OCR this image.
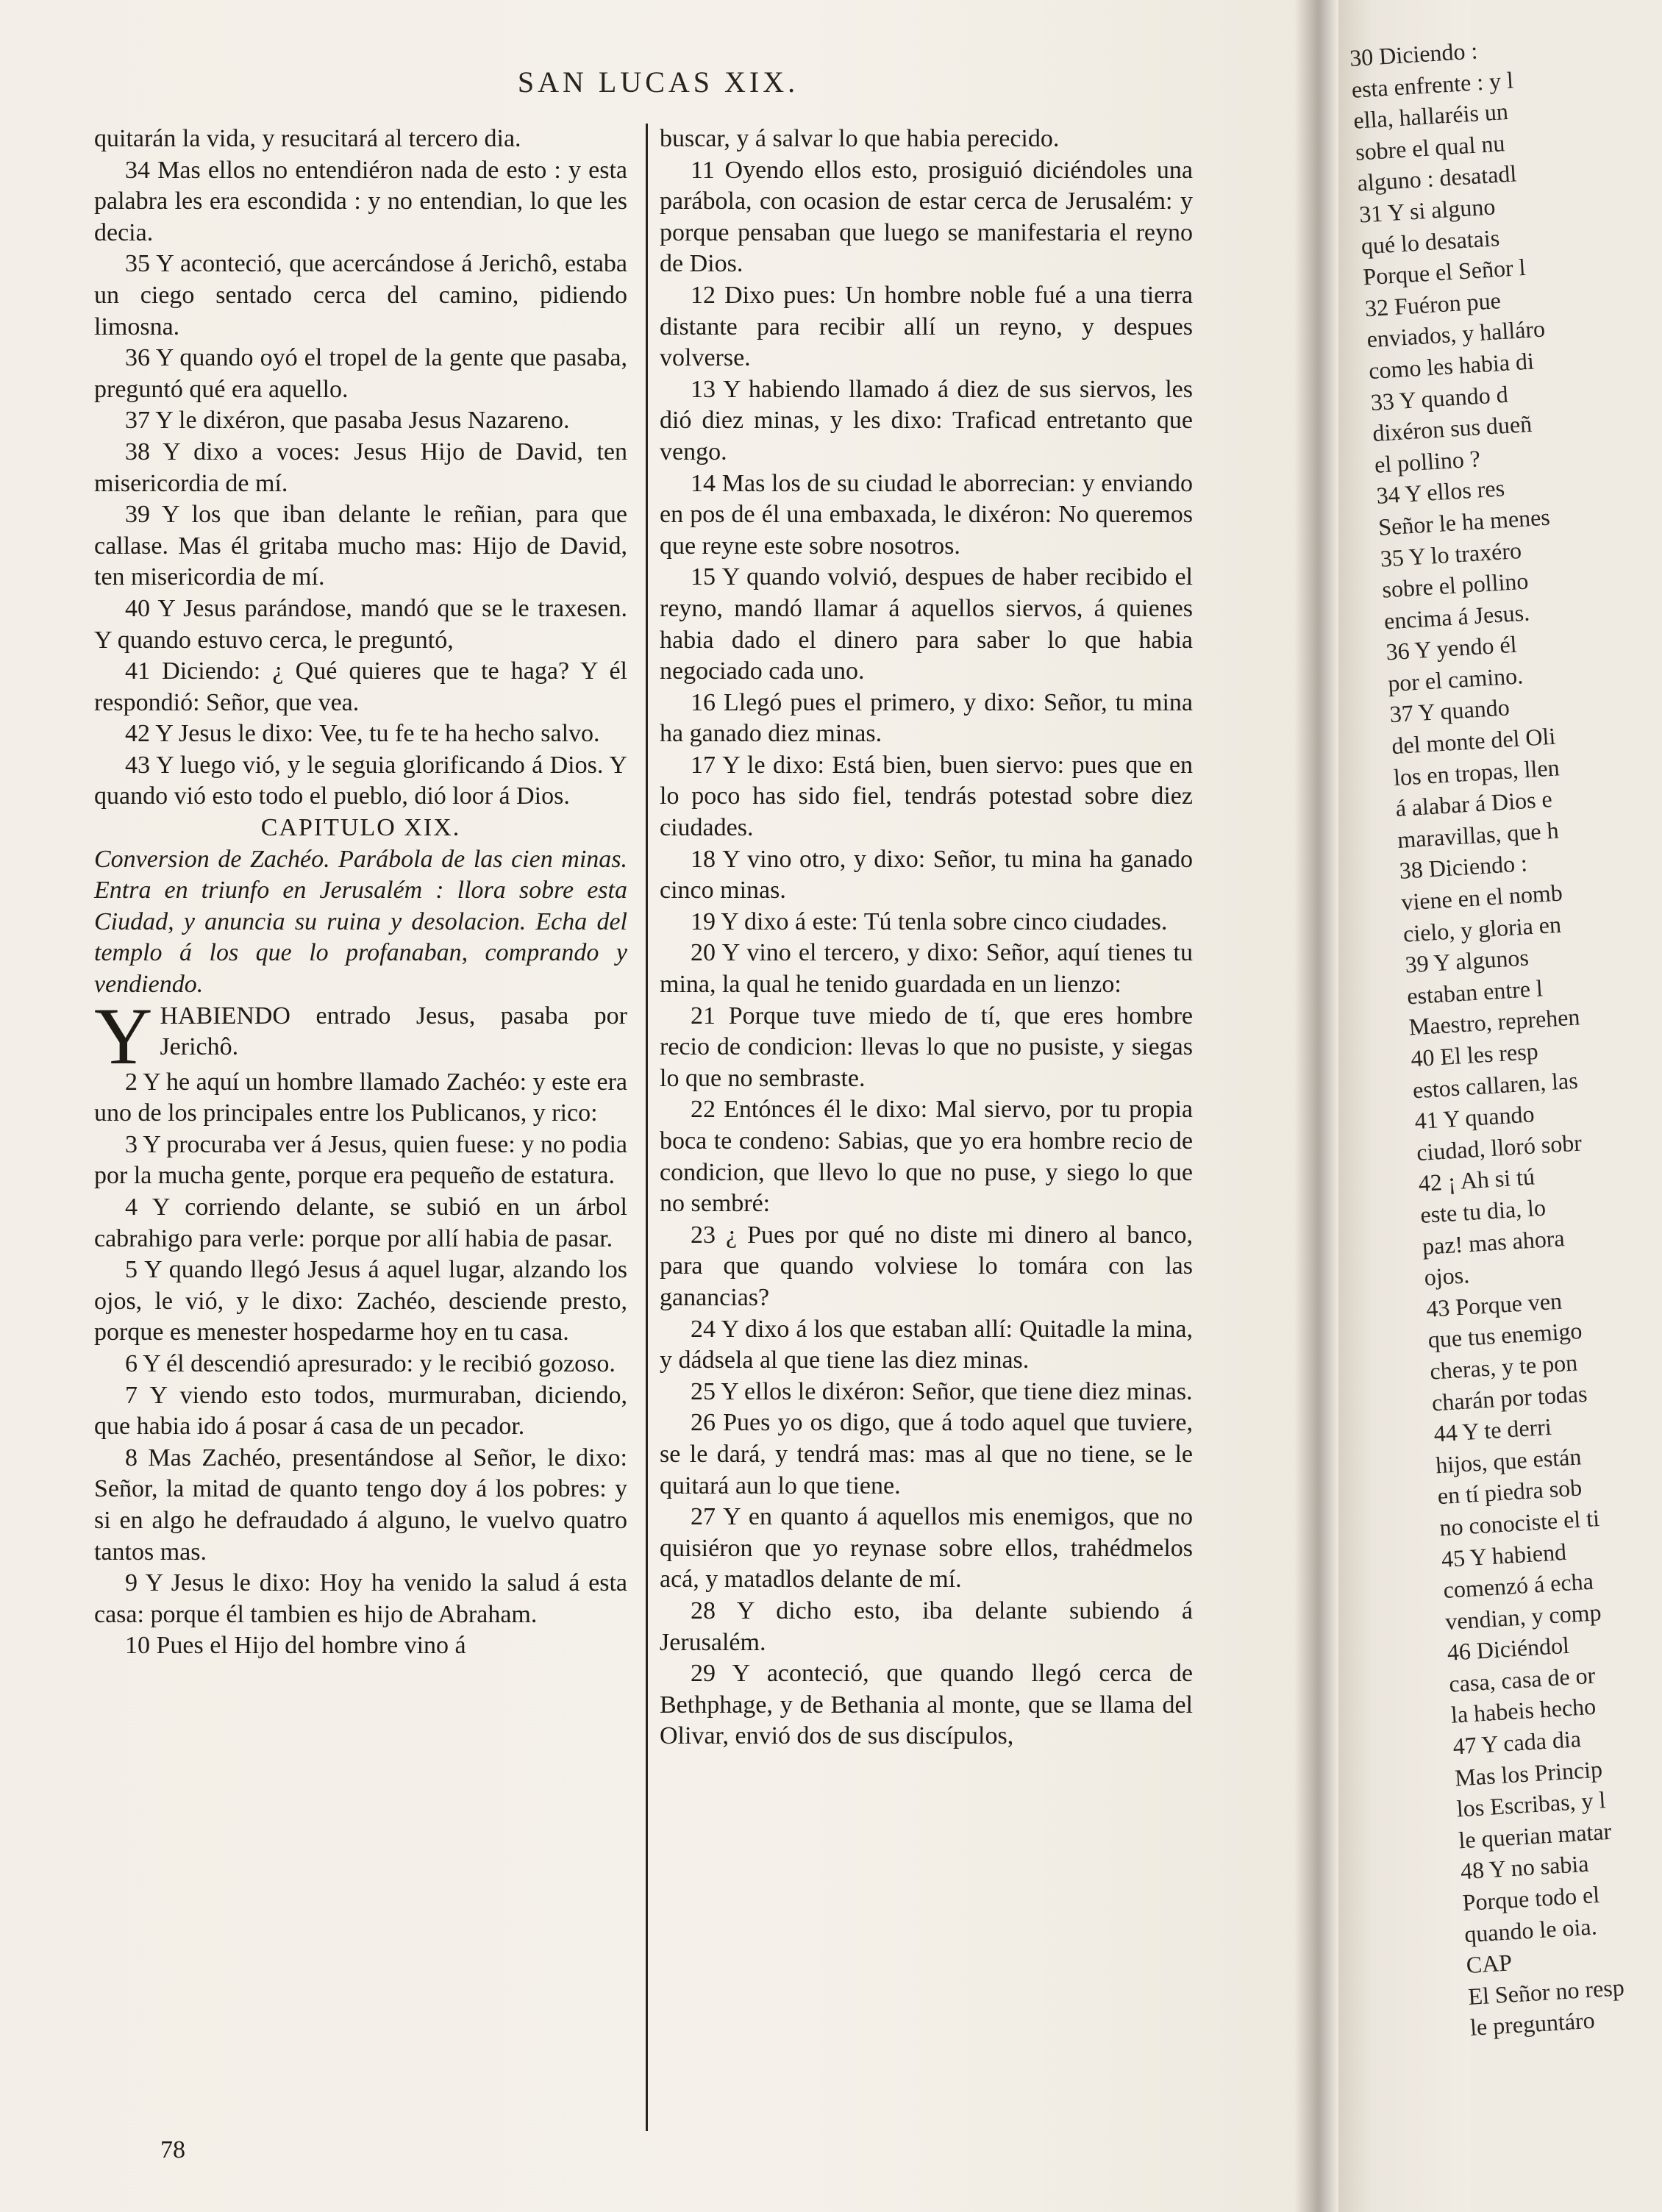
SAN LUCAS XIX.

quitarán la vida, y resucitará al tercero dia.

34 Mas ellos no entendiéron nada de esto : y esta palabra les era escondida : y no entendian, lo que les decia.

35 Y aconteció, que acercándose á Jerichô, estaba un ciego sentado cerca del camino, pidiendo limosna.

36 Y quando oyó el tropel de la gente que pasaba, preguntó qué era aquello.

37 Y le dixéron, que pasaba Jesus Nazareno.

38 Y dixo a voces: Jesus Hijo de David, ten misericordia de mí.

39 Y los que iban delante le reñian, para que callase. Mas él gritaba mucho mas: Hijo de David, ten misericordia de mí.

40 Y Jesus parándose, mandó que se le traxesen. Y quando estuvo cerca, le preguntó,

41 Diciendo: ¿ Qué quieres que te haga? Y él respondió: Señor, que vea.

42 Y Jesus le dixo: Vee, tu fe te ha hecho salvo.

43 Y luego vió, y le seguia glorificando á Dios. Y quando vió esto todo el pueblo, dió loor á Dios.

CAPITULO XIX.

Conversion de Zachéo. Parábola de las cien minas. Entra en triunfo en Jerusalém : llora sobre esta Ciudad, y anuncia su ruina y desolacion. Echa del templo á los que lo profanaban, comprando y vendiendo.

YHABIENDO entrado Jesus, pasaba por Jerichô.

2 Y he aquí un hombre llamado Zachéo: y este era uno de los principales entre los Publicanos, y rico:

3 Y procuraba ver á Jesus, quien fuese: y no podia por la mucha gente, porque era pequeño de estatura.

4 Y corriendo delante, se subió en un árbol cabrahigo para verle: porque por allí habia de pasar.

5 Y quando llegó Jesus á aquel lugar, alzando los ojos, le vió, y le dixo: Zachéo, desciende presto, porque es menester hospedarme hoy en tu casa.

6 Y él descendió apresurado: y le recibió gozoso.

7 Y viendo esto todos, murmuraban, diciendo, que habia ido á posar á casa de un pecador.

8 Mas Zachéo, presentándose al Señor, le dixo: Señor, la mitad de quanto tengo doy á los pobres: y si en algo he defraudado á alguno, le vuelvo quatro tantos mas.

9 Y Jesus le dixo: Hoy ha venido la salud á esta casa: porque él tambien es hijo de Abraham.

10 Pues el Hijo del hombre vino á

buscar, y á salvar lo que habia perecido.

11 Oyendo ellos esto, prosiguió diciéndoles una parábola, con ocasion de estar cerca de Jerusalém: y porque pensaban que luego se manifestaria el reyno de Dios.

12 Dixo pues: Un hombre noble fué a una tierra distante para recibir allí un reyno, y despues volverse.

13 Y habiendo llamado á diez de sus siervos, les dió diez minas, y les dixo: Traficad entretanto que vengo.

14 Mas los de su ciudad le aborrecian: y enviando en pos de él una embaxada, le dixéron: No queremos que reyne este sobre nosotros.

15 Y quando volvió, despues de haber recibido el reyno, mandó llamar á aquellos siervos, á quienes habia dado el dinero para saber lo que habia negociado cada uno.

16 Llegó pues el primero, y dixo: Señor, tu mina ha ganado diez minas.

17 Y le dixo: Está bien, buen siervo: pues que en lo poco has sido fiel, tendrás potestad sobre diez ciudades.

18 Y vino otro, y dixo: Señor, tu mina ha ganado cinco minas.

19 Y dixo á este: Tú tenla sobre cinco ciudades.

20 Y vino el tercero, y dixo: Señor, aquí tienes tu mina, la qual he tenido guardada en un lienzo:

21 Porque tuve miedo de tí, que eres hombre recio de condicion: llevas lo que no pusiste, y siegas lo que no sembraste.

22 Entónces él le dixo: Mal siervo, por tu propia boca te condeno: Sabias, que yo era hombre recio de condicion, que llevo lo que no puse, y siego lo que no sembré:

23 ¿ Pues por qué no diste mi dinero al banco, para que quando volviese lo tomára con las ganancias?

24 Y dixo á los que estaban allí: Quitadle la mina, y dádsela al que tiene las diez minas.

25 Y ellos le dixéron: Señor, que tiene diez minas.

26 Pues yo os digo, que á todo aquel que tuviere, se le dará, y tendrá mas: mas al que no tiene, se le quitará aun lo que tiene.

27 Y en quanto á aquellos mis enemigos, que no quisiéron que yo reynase sobre ellos, trahédmelos acá, y matadlos delante de mí.

28 Y dicho esto, iba delante subiendo á Jerusalém.

29 Y aconteció, que quando llegó cerca de Bethphage, y de Bethania al monte, que se llama del Olivar, envió dos de sus discípulos,

78
30 Diciendo :
esta enfrente : y l
ella, hallaréis un
sobre el qual nu
alguno : desatadl
31 Y si alguno
qué lo desatais
Porque el Señor l
32 Fuéron pue
enviados, y halláro
como les habia di
33 Y quando d
dixéron sus dueñ
el pollino ?
34 Y ellos res
Señor le ha menes
35 Y lo traxéro
sobre el pollino
encima á Jesus.
36 Y yendo él
por el camino.
37 Y quando
del monte del Oli
los en tropas, llen
á alabar á Dios e
maravillas, que h
38 Diciendo :
viene en el nomb
cielo, y gloria en
39 Y algunos
estaban entre l
Maestro, reprehen
40 El les resp
estos callaren, las
41 Y quando
ciudad, lloró sobr
42 ¡ Ah si tú
este tu dia, lo
paz! mas ahora
ojos.
43 Porque ven
que tus enemigo
cheras, y te pon
charán por todas
44 Y te derri
hijos, que están
en tí piedra sob
no conociste el ti
45 Y habiend
comenzó á echa
vendian, y comp
46 Diciéndol
casa, casa de or
la habeis hecho
47 Y cada dia
Mas los Princip
los Escribas, y l
le querian matar
48 Y no sabia
Porque todo el
quando le oia.
CAP
El Señor no resp
le preguntáro
